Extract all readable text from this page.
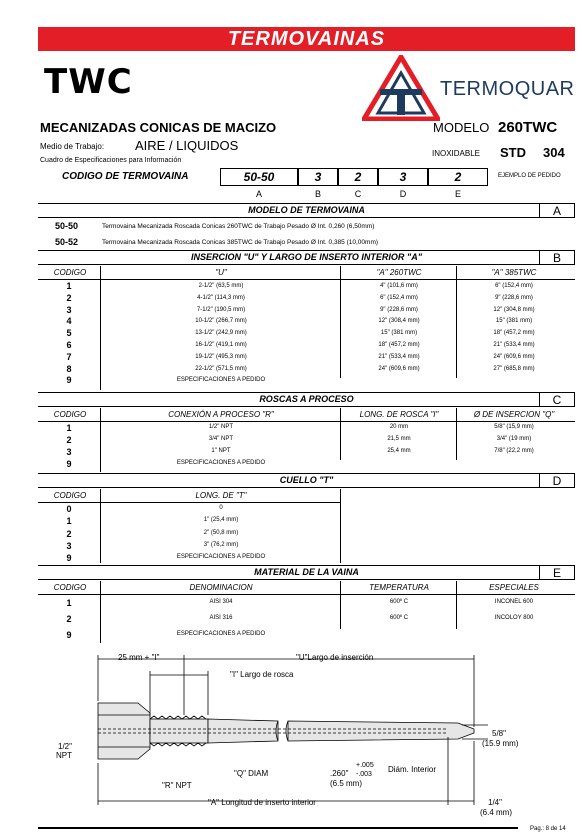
TERMOVAINAS
TWC	TERMOQUAR
MECANIZADAS CONICAS DE MACIZO	MODELO 260TWC
Medio de Trabajo: AIRE / LIQUIDOS
INOXIDABLE STD 304
Cuadro de Especificaciones para Información
CODIGO DE TERMOVAINA	50-50	3	2	3	2
A	B	C	D	E
EJEMPLO DE PEDIDO
MODELO DE TERMOVAINA	A
50-50	Termovaina Mecanizada Roscada Conicas 260TWC de Trabajo Pesado Ø Int. 0,260 (6,50mm)
50-52	Termovaina Mecanizada Roscada Conicas 385TWC de Trabajo Pesado Ø Int. 0,385 (10,00mm)
INSERCION "U" Y LARGO DE INSERTO INTERIOR "A"	B
CODIGO	"U"	"A" 260TWC	"A" 385TWC
1	2-1/2" (63,5 mm)	4" (101,6 mm)	6" (152,4 mm)
2	4-1/2" (114,3 mm)	6" (152,4 mm)	9" (228,6 mm)
3	7-1/2" (190,5 mm)	9" (228,6 mm)	12" (304,8 mm)
4	10-1/2" (266,7 mm)	12" (308,4 mm)	15" (381 mm)
5	13-1/2" (242,9 mm)	15" (381 mm)	18" (457,2 mm)
6	16-1/2" (419,1 mm)	18" (457,2 mm)	21" (533,4 mm)
7	19-1/2" (495,3 mm)	21" (533,4 mm)	24" (609,6 mm)
8	22-1/2" (571,5 mm)	24" (609,6 mm)	27" (685,8 mm)
9	ESPECIFICACIONES A PEDIDO
ROSCAS A PROCESO	C
CODIGO	CONEXIÓN A PROCESO "R"	LONG. DE ROSCA "I"	Ø DE INSERCION "Q"
1	1/2" NPT	20 mm	5/8" (15,9 mm)
2	3/4" NPT	21,5 mm	3/4" (19 mm)
3	1" NPT	25,4 mm	7/8" (22,2 mm)
9	ESPECIFICACIONES A PEDIDO
CUELLO "T"	D
CODIGO	LONG. DE "T"
0	0
1	1" (25,4 mm)
2	2" (50,8 mm)
3	3" (76,2 mm)
9	ESPECIFICACIONES A PEDIDO
MATERIAL DE LA VAINA	E
CODIGO	DENOMINACION	TEMPERATURA	ESPECIALES
1	AISI 304	600º C	INCONEL 600
2	AISI 316	600º C	INCOLOY 800
9	ESPECIFICACIONES A PEDIDO
25 mm + "I"	"U"Largo de inserción
"I" Largo de rosca
5/8"
(15.9 mm)
1/2"
NPT
"Q" DIAM
"R" NPT
.260"
+.005
-.003
(6.5 mm)
Diám. Interior
"A" Longitud de inserto interior	1/4"
(6.4 mm)
Pag.: 8 de 14
